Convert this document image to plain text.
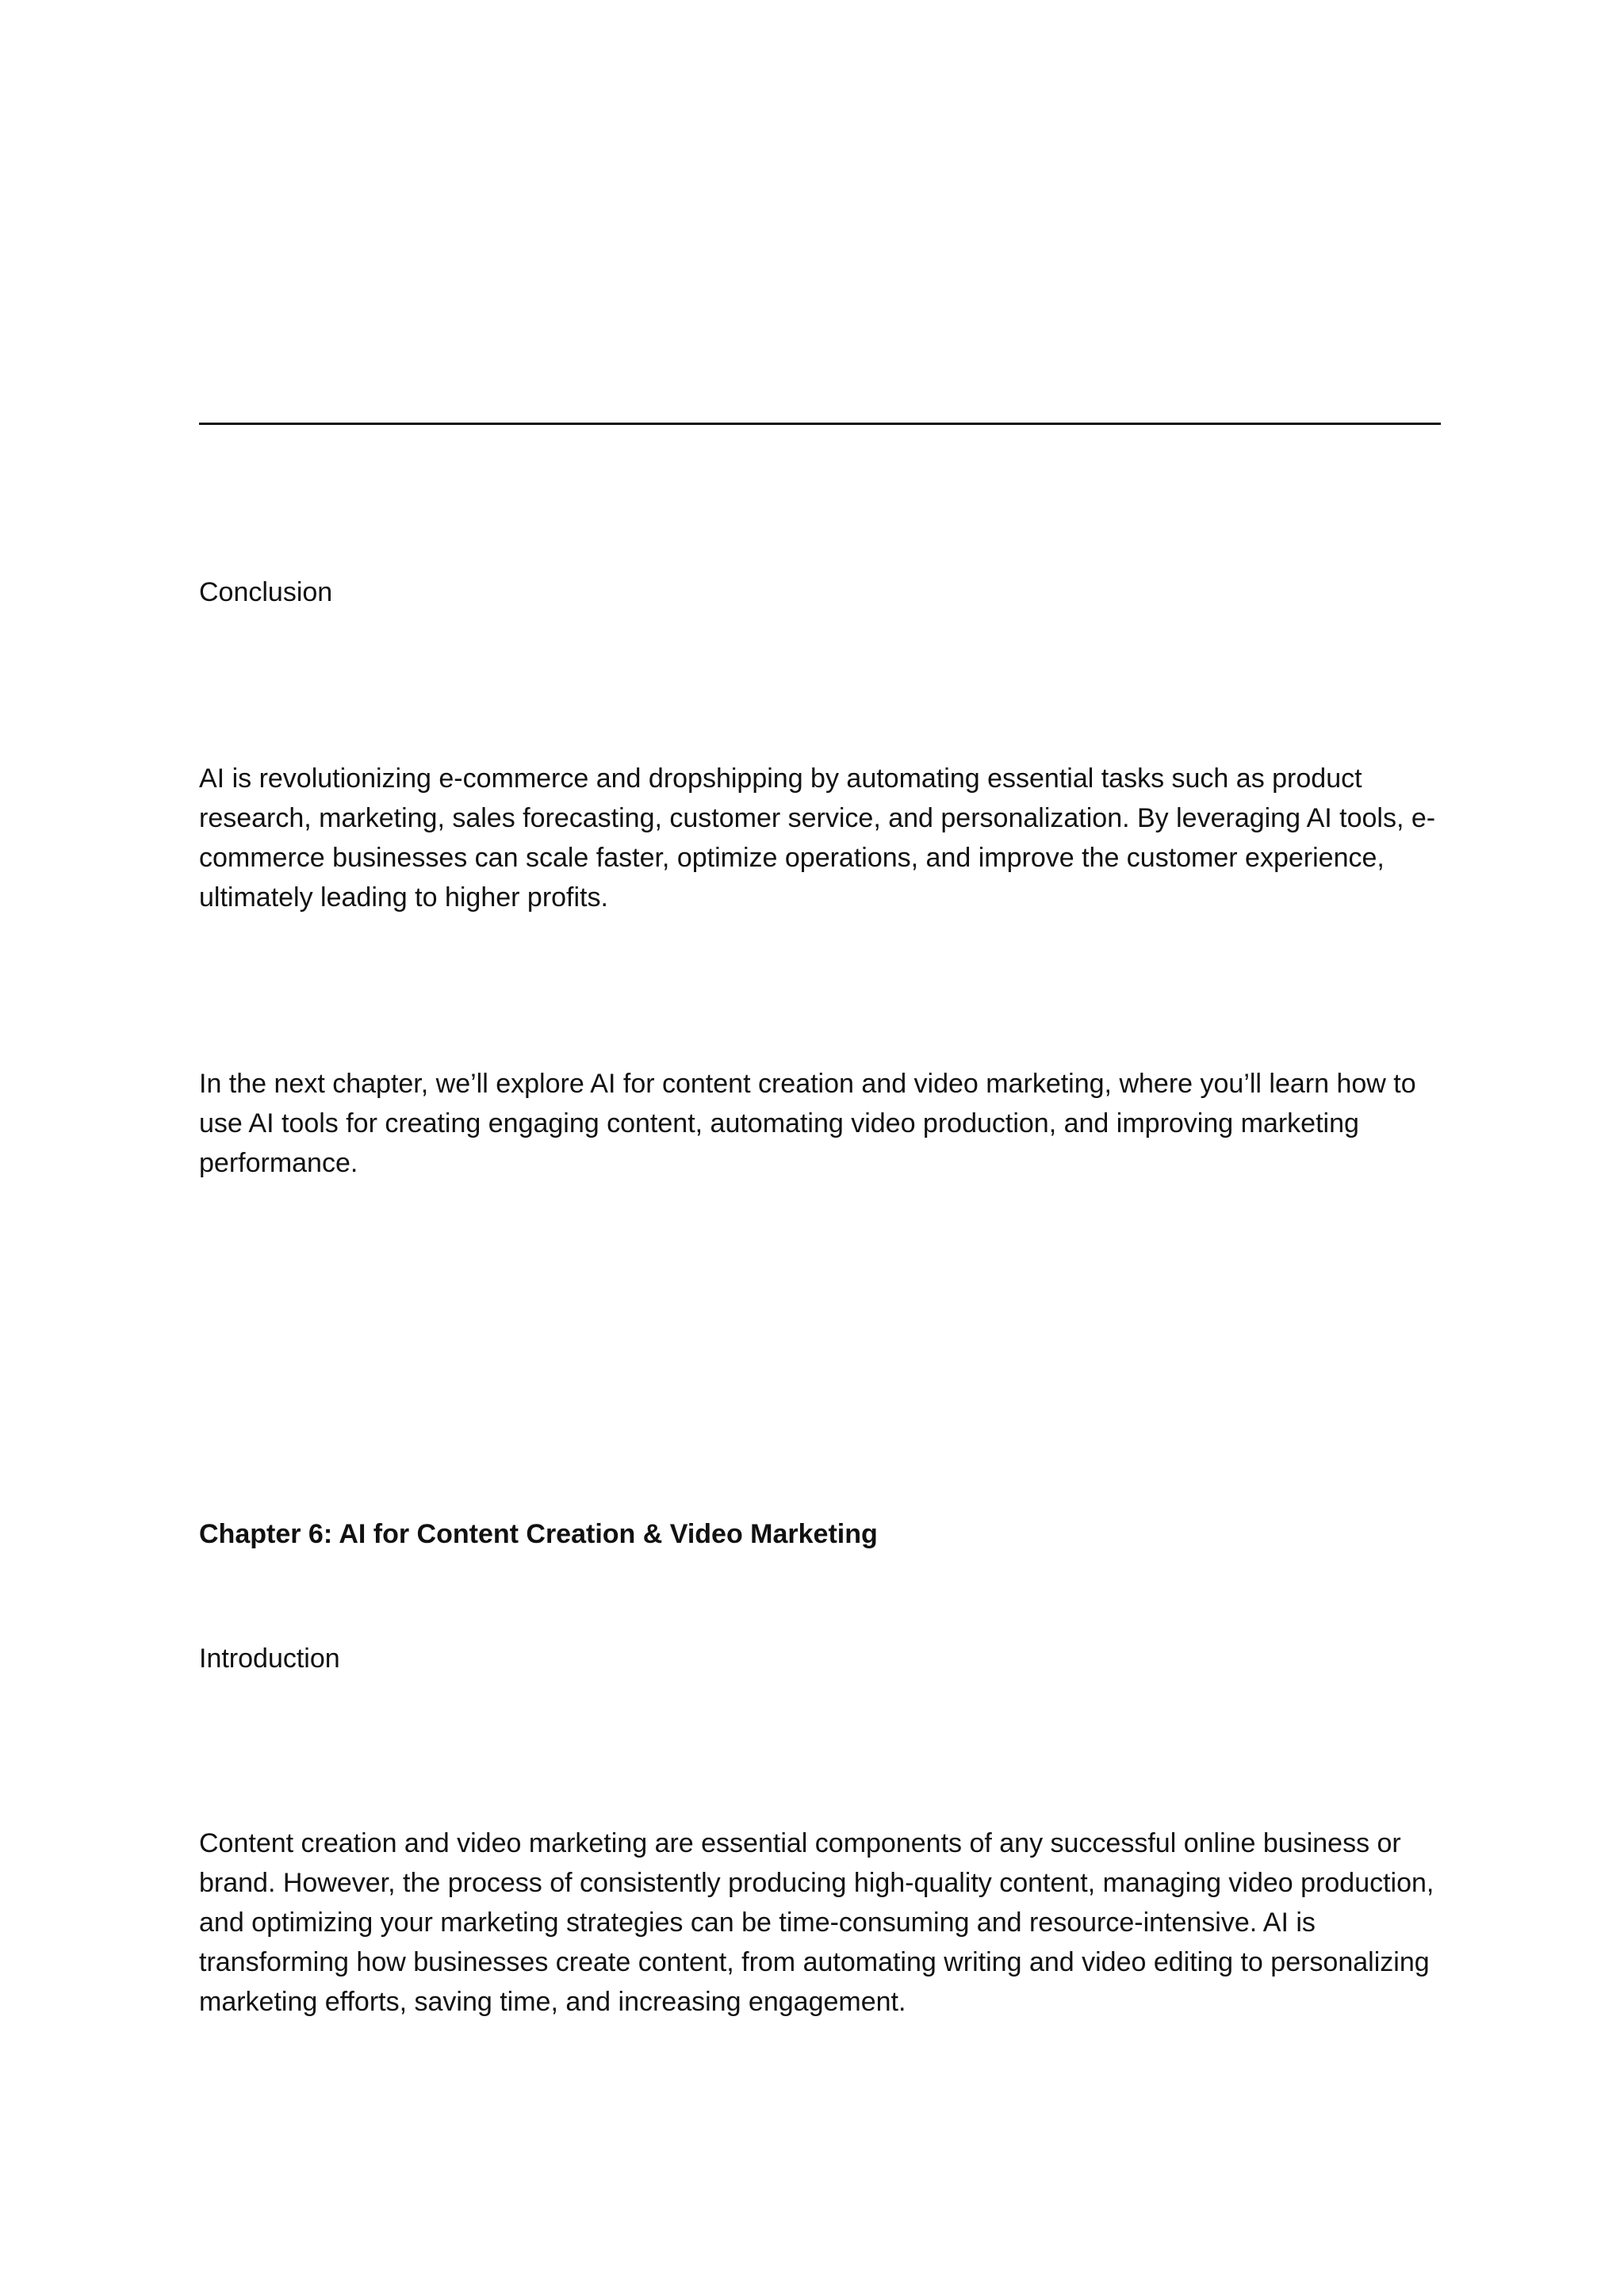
Conclusion

AI is revolutionizing e-commerce and dropshipping by automating essential tasks such as product research, marketing, sales forecasting, customer service, and personalization. By leveraging AI tools, e-commerce businesses can scale faster, optimize operations, and improve the customer experience, ultimately leading to higher profits.

In the next chapter, we’ll explore AI for content creation and video marketing, where you’ll learn how to use AI tools for creating engaging content, automating video production, and improving marketing performance.

Chapter 6: AI for Content Creation & Video Marketing

Introduction

Content creation and video marketing are essential components of any successful online business or brand. However, the process of consistently producing high-quality content, managing video production, and optimizing your marketing strategies can be time-consuming and resource-intensive. AI is transforming how businesses create content, from automating writing and video editing to personalizing marketing efforts, saving time, and increasing engagement.
